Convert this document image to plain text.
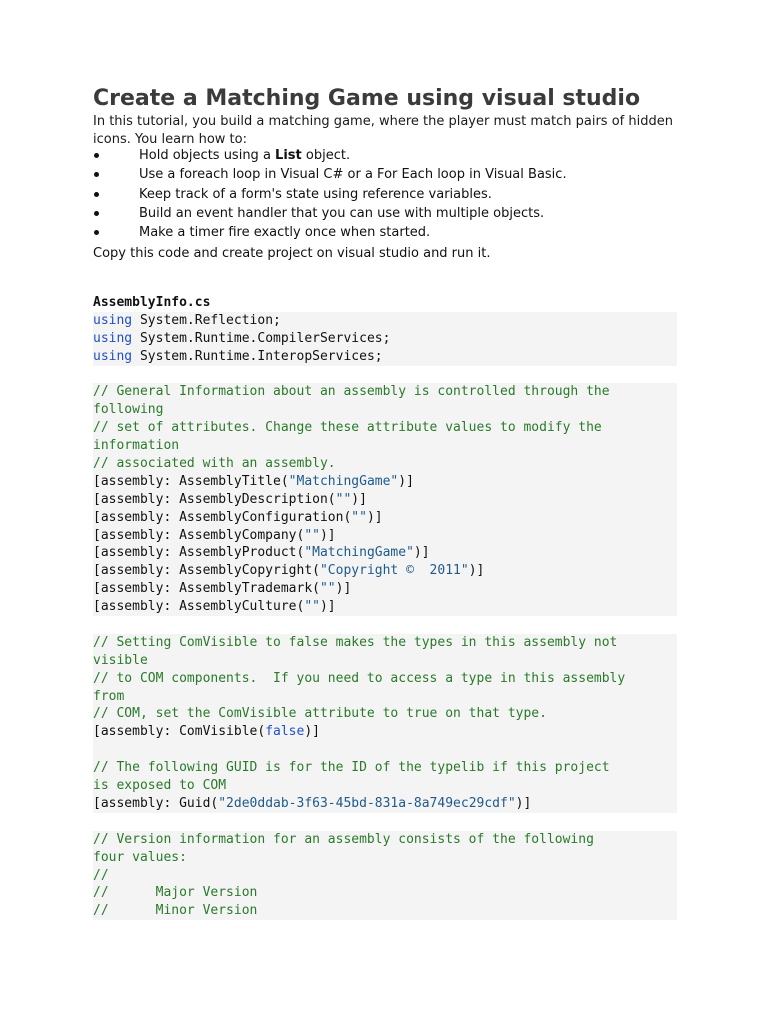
Create a Matching Game using visual studio
In this tutorial, you build a matching game, where the player must match pairs of hidden icons. You learn how to:
Hold objects using a List object.
Use a foreach loop in Visual C# or a For Each loop in Visual Basic.
Keep track of a form's state using reference variables.
Build an event handler that you can use with multiple objects.
Make a timer fire exactly once when started.
Copy this code and create project on visual studio and run it.
AssemblyInfo.cs
using System.Reflection;
using System.Runtime.CompilerServices;
using System.Runtime.InteropServices;

// General Information about an assembly is controlled through the
following
// set of attributes. Change these attribute values to modify the
information
// associated with an assembly.
[assembly: AssemblyTitle("MatchingGame")]
[assembly: AssemblyDescription("")]
[assembly: AssemblyConfiguration("")]
[assembly: AssemblyCompany("")]
[assembly: AssemblyProduct("MatchingGame")]
[assembly: AssemblyCopyright("Copyright ©  2011")]
[assembly: AssemblyTrademark("")]
[assembly: AssemblyCulture("")]

// Setting ComVisible to false makes the types in this assembly not
visible
// to COM components.  If you need to access a type in this assembly
from
// COM, set the ComVisible attribute to true on that type.
[assembly: ComVisible(false)]

// The following GUID is for the ID of the typelib if this project
is exposed to COM
[assembly: Guid("2de0ddab-3f63-45bd-831a-8a749ec29cdf")]

// Version information for an assembly consists of the following
four values:
//
//      Major Version
//      Minor Version
